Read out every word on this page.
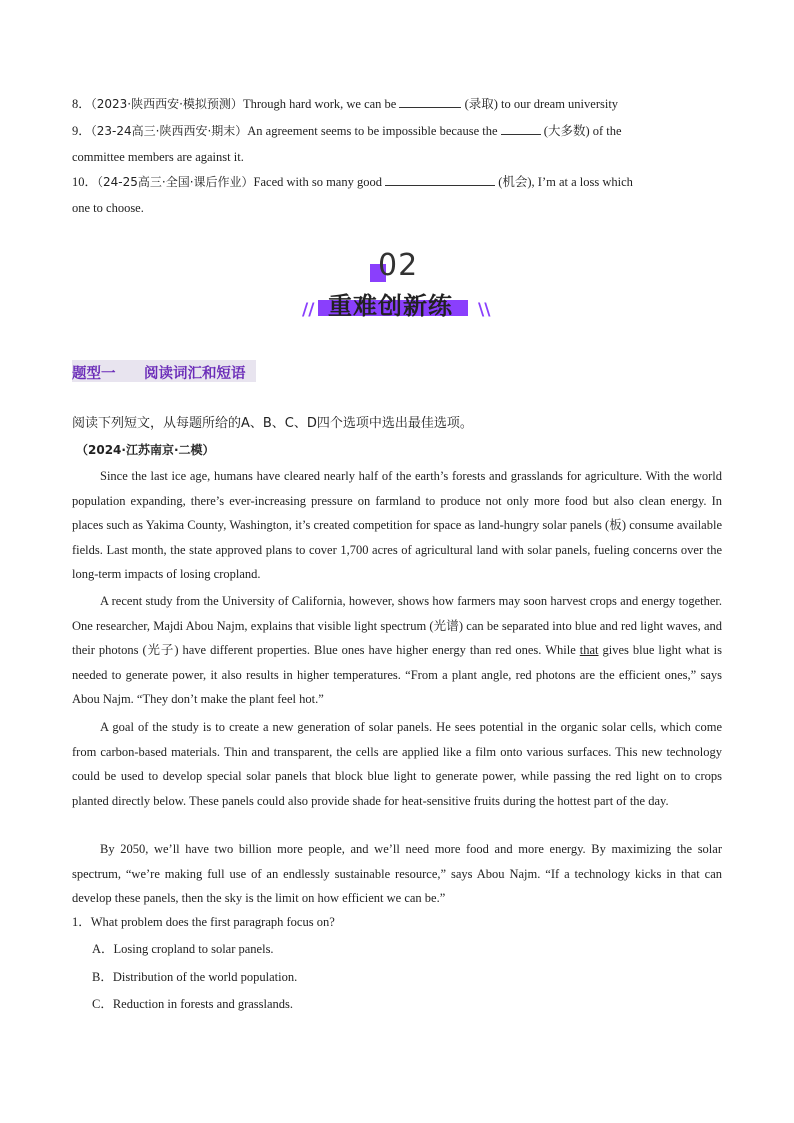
8．（2023·陕西西安·模拟预测）Through hard work, we can be	(录取) to our dream university
9．（23-24高三·陕西西安·期末）An agreement seems to be impossible because the	(大多数) of the
committee members are against it.
10．（24-25高三·全国·课后作业）Faced with so many good	(机会), I’m at a loss which
one to choose.
02
// 重难创新练 \\
题型一 阅读词汇和短语
阅读下列短文，从每题所给的A、B、C、D四个选项中选出最佳选项。
（2024·江苏南京·二模）
Since the last ice age, humans have cleared nearly half of the earth’s forests and grasslands for agriculture. With the world population expanding, there’s ever-increasing pressure on farmland to produce not only more food but also clean energy. In places such as Yakima County, Washington, it’s created competition for space as land-hungry solar panels (板) consume available fields. Last month, the state approved plans to cover 1,700 acres of agricultural land with solar panels, fueling concerns over the long-term impacts of losing cropland.
A recent study from the University of California, however, shows how farmers may soon harvest crops and energy together. One researcher, Majdi Abou Najm, explains that visible light spectrum (光谱) can be separated into blue and red light waves, and their photons (光子) have different properties. Blue ones have higher energy than red ones. While that gives blue light what is needed to generate power, it also results in higher temperatures. “From a plant angle, red photons are the efficient ones,” says Abou Najm. “They don’t make the plant feel hot.”
A goal of the study is to create a new generation of solar panels. He sees potential in the organic solar cells, which come from carbon-based materials. Thin and transparent, the cells are applied like a film onto various surfaces. This new technology could be used to develop special solar panels that block blue light to generate power, while passing the red light on to crops planted directly below. These panels could also provide shade for heat-sensitive fruits during the hottest part of the day.
By 2050, we’ll have two billion more people, and we’ll need more food and more energy. By maximizing the solar spectrum, “we’re making full use of an endlessly sustainable resource,” says Abou Najm. “If a technology kicks in that can develop these panels, then the sky is the limit on how efficient we can be.”
1．What problem does the first paragraph focus on?
A．Losing cropland to solar panels.
B．Distribution of the world population.
C．Reduction in forests and grasslands.
